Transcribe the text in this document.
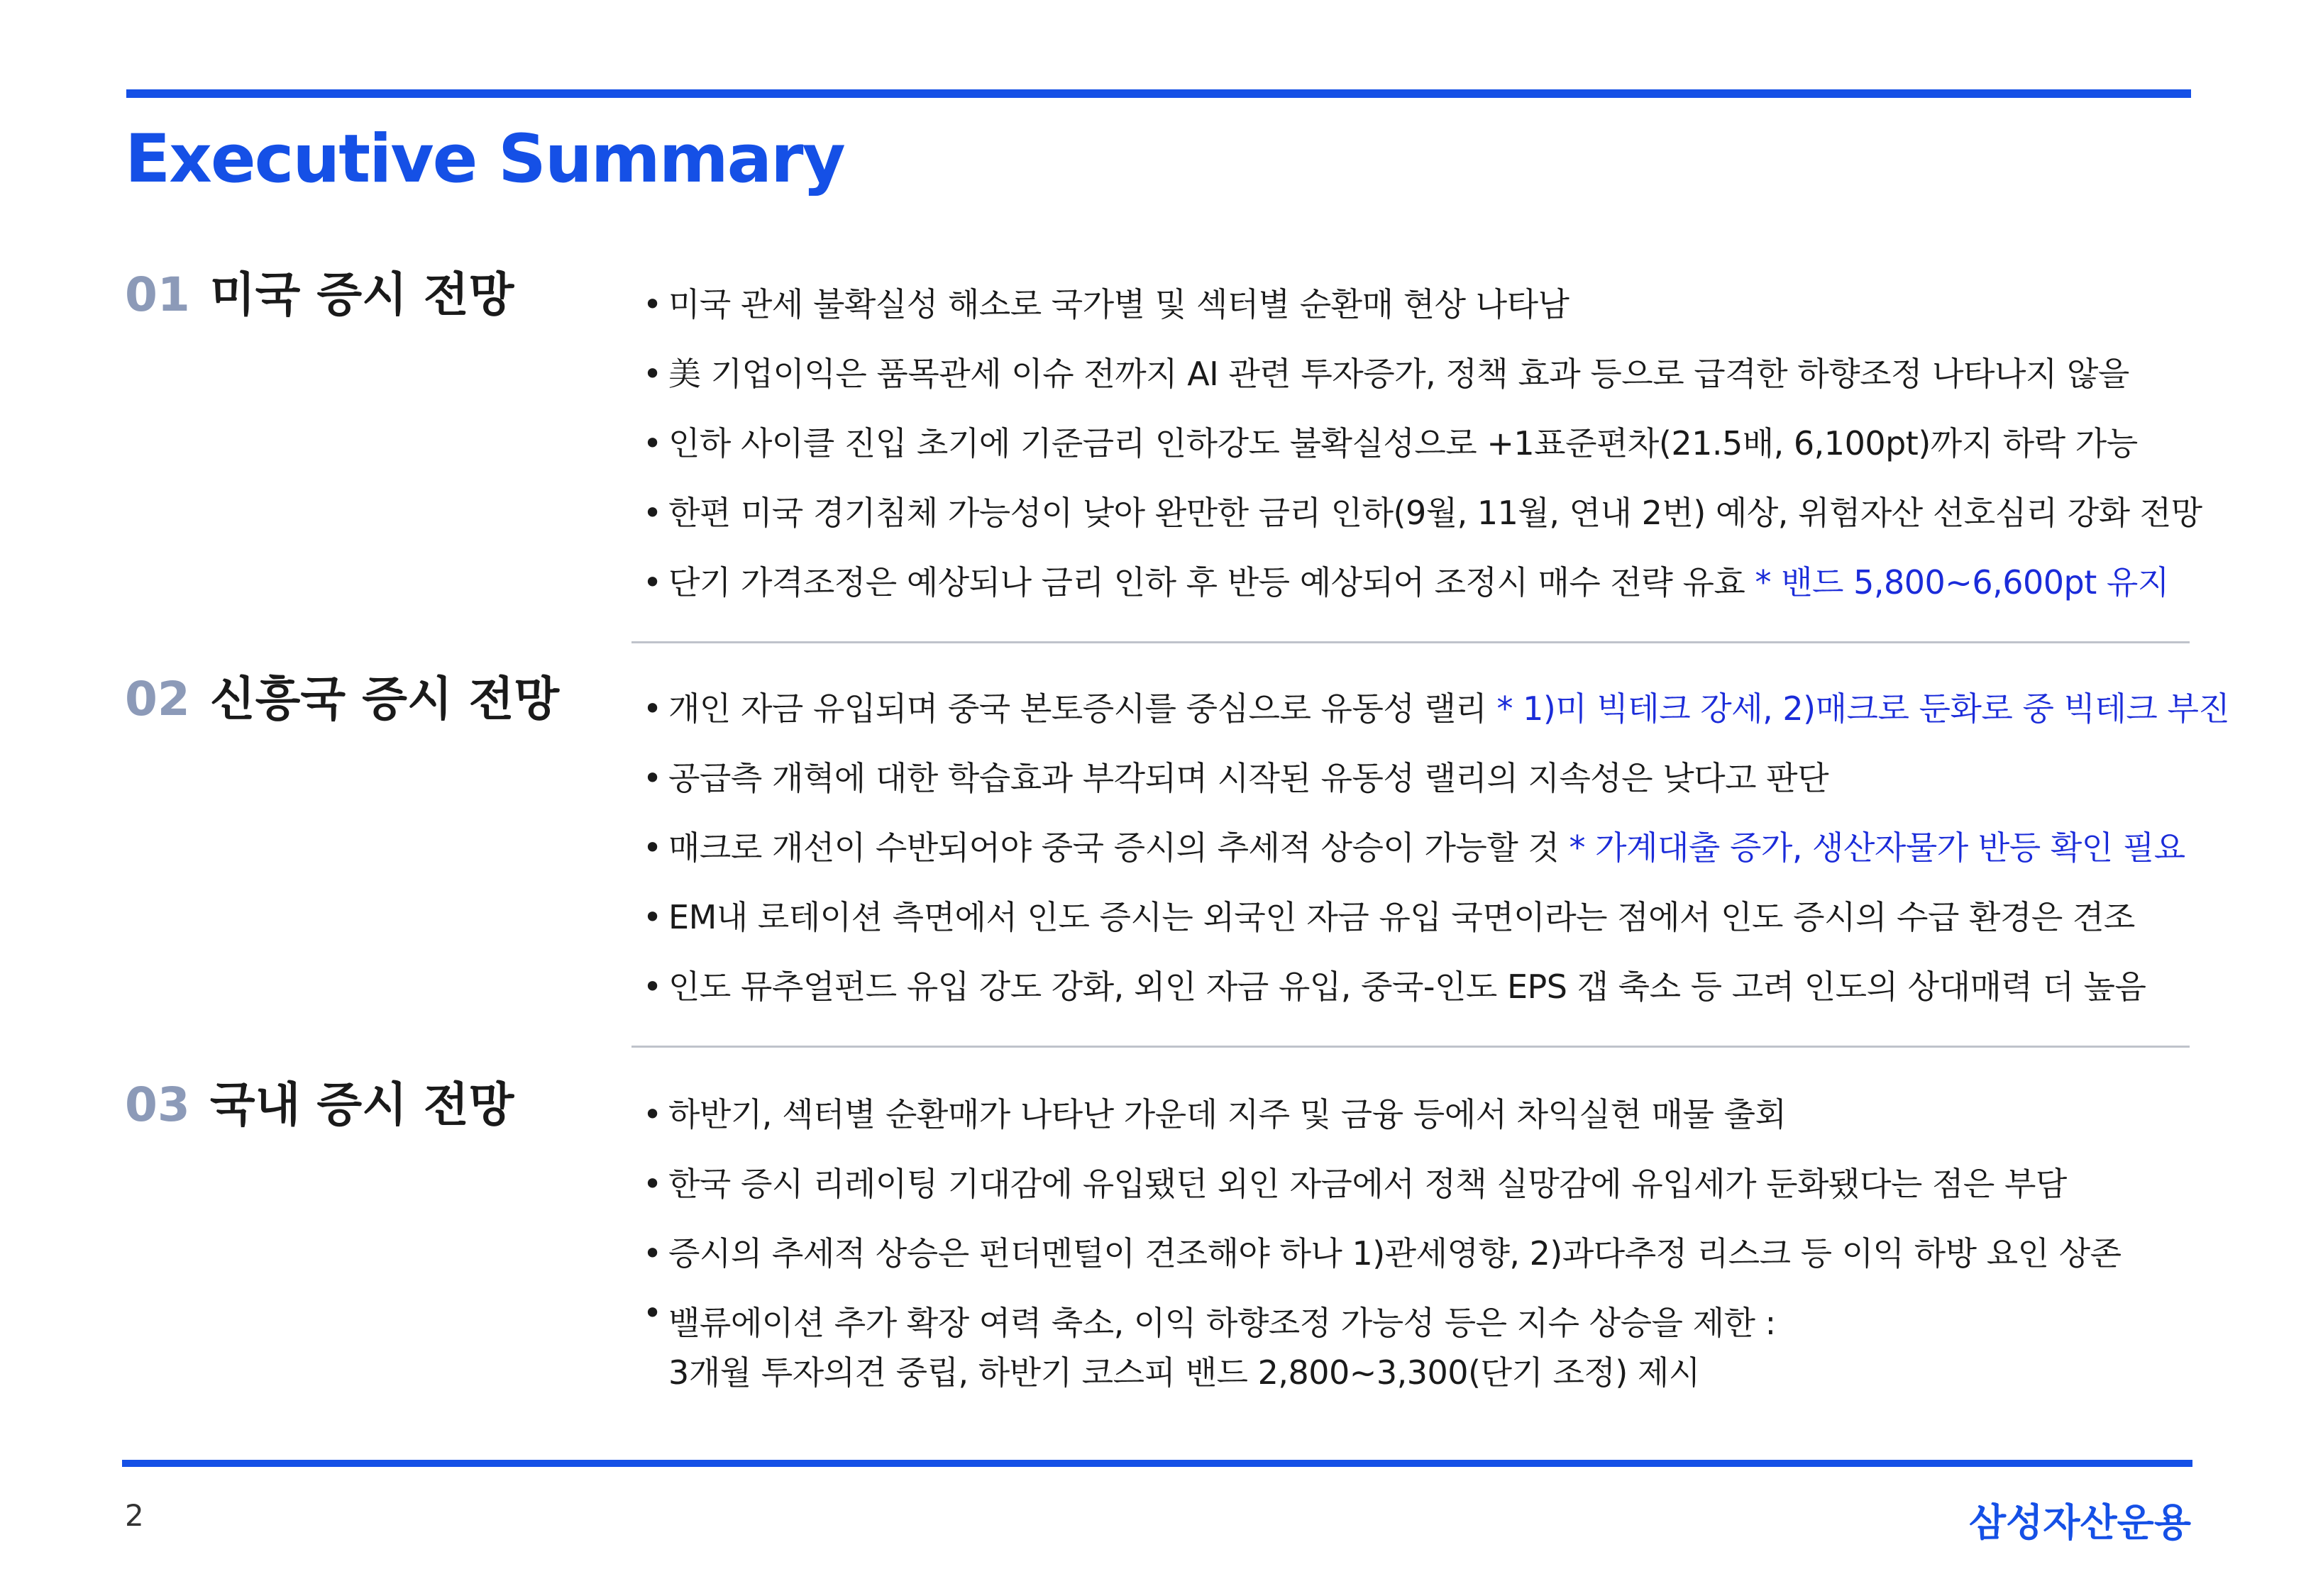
Executive Summary
01 미국 증시 전망	• 미국 관세 불확실성 해소로 국가별 및 섹터별 순환매 현상 나타남
• 美 기업이익은 품목관세 이슈 전까지 AI 관련 투자증가, 정책 효과 등으로 급격한 하향조정 나타나지 않을
• 인하 사이클 진입 초기에 기준금리 인하강도 불확실성으로 +1표준편차(21.5배, 6,100pt)까지 하락 가능
• 한편 미국 경기침체 가능성이 낮아 완만한 금리 인하(9월, 11월, 연내 2번) 예상, 위험자산 선호심리 강화 전망
• 단기 가격조정은 예상되나 금리 인하 후 반등 예상되어 조정시 매수 전략 유효 * 밴드 5,800~6,600pt 유지
02 신흥국 증시 전망	• 개인 자금 유입되며 중국 본토증시를 중심으로 유동성 랠리 * 1)미 빅테크 강세, 2)매크로 둔화로 중 빅테크 부진
• 공급측 개혁에 대한 학습효과 부각되며 시작된 유동성 랠리의 지속성은 낮다고 판단
• 매크로 개선이 수반되어야 중국 증시의 추세적 상승이 가능할 것 * 가계대출 증가, 생산자물가 반등 확인 필요
• EM내 로테이션 측면에서 인도 증시는 외국인 자금 유입 국면이라는 점에서 인도 증시의 수급 환경은 견조
• 인도 뮤추얼펀드 유입 강도 강화, 외인 자금 유입, 중국-인도 EPS 갭 축소 등 고려 인도의 상대매력 더 높음
03 국내 증시 전망	• 하반기, 섹터별 순환매가 나타난 가운데 지주 및 금융 등에서 차익실현 매물 출회
• 한국 증시 리레이팅 기대감에 유입됐던 외인 자금에서 정책 실망감에 유입세가 둔화됐다는 점은 부담
• 증시의 추세적 상승은 펀더멘털이 견조해야 하나 1)관세영향, 2)과다추정 리스크 등 이익 하방 요인 상존
• 밸류에이션 추가 확장 여력 축소, 이익 하향조정 가능성 등은 지수 상승을 제한 :
3개월 투자의견 중립, 하반기 코스피 밴드 2,800~3,300(단기 조정) 제시
2	삼성자산운용
